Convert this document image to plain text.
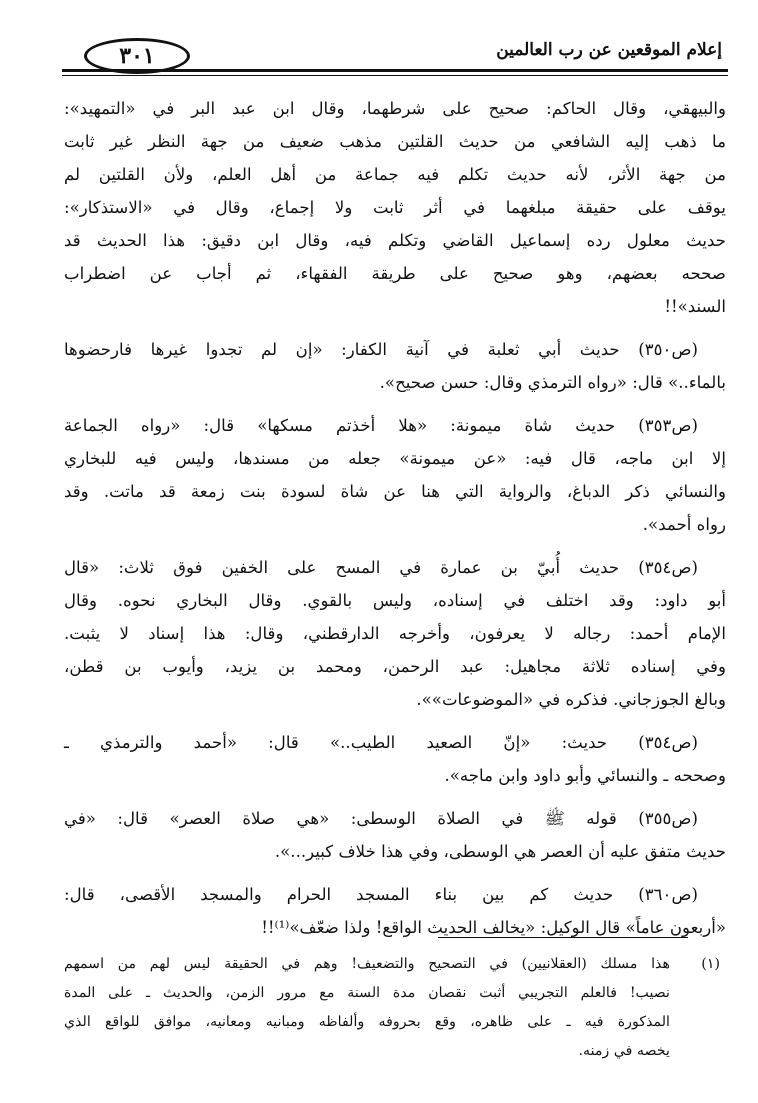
٣٠١	إعلام الموقعين عن رب العالمين

والبيهقي، وقال الحاكم: صحيح على شرطهما، وقال ابن عبد البر في «التمهيد»:
ما ذهب إليه الشافعي من حديث القلتين مذهب ضعيف من جهة النظر غير ثابت
من جهة الأثر، لأنه حديث تكلم فيه جماعة من أهل العلم، ولأن القلتين لم
يوقف على حقيقة مبلغهما في أثر ثابت ولا إجماع، وقال في «الاستذكار»:
حديث معلول رده إسماعيل القاضي وتكلم فيه، وقال ابن دقيق: هذا الحديث قد
صححه بعضهم، وهو صحيح على طريقة الفقهاء، ثم أجاب عن اضطراب
السند»!!

(ص٣٥٠) حديث أبي ثعلبة في آنية الكفار: «إن لم تجدوا غيرها فارحضوها
بالماء..» قال: «رواه الترمذي وقال: حسن صحيح».

(ص٣٥٣) حديث شاة ميمونة: «هلا أخذتم مسكها» قال: «رواه الجماعة
إلا ابن ماجه، قال فيه: «عن ميمونة» جعله من مسندها، وليس فيه للبخاري
والنسائي ذكر الدباغ، والرواية التي هنا عن شاة لسودة بنت زمعة قد ماتت. وقد
رواه أحمد».

(ص٣٥٤) حديث أُبيّ بن عمارة في المسح على الخفين فوق ثلاث: «قال
أبو داود: وقد اختلف في إسناده، وليس بالقوي. وقال البخاري نحوه. وقال
الإمام أحمد: رجاله لا يعرفون، وأخرجه الدارقطني، وقال: هذا إسناد لا يثبت.
وفي إسناده ثلاثة مجاهيل: عبد الرحمن، ومحمد بن يزيد، وأيوب بن قطن،
وبالغ الجوزجاني. فذكره في «الموضوعات»».

(ص٣٥٤) حديث: «إنّ الصعيد الطيب..» قال: «أحمد والترمذي ـ
وصححه ـ والنسائي وأبو داود وابن ماجه».

(ص٣٥٥) قوله ﷺ في الصلاة الوسطى: «هي صلاة العصر» قال: «في
حديث متفق عليه أن العصر هي الوسطى، وفي هذا خلاف كبير...».

(ص٣٦٠) حديث كم بين بناء المسجد الحرام والمسجد الأقصى، قال:
«أربعون عاماً» قال الوكيل: «يخالف الحديث الواقع! ولذا ضعّف»⁽¹⁾!!

(١)
هذا مسلك (العقلانيين) في التصحيح والتضعيف! وهم في الحقيقة ليس لهم من اسمهم
نصيب! فالعلم التجريبي أثبت نقصان مدة السنة مع مرور الزمن، والحديث ـ على المدة
المذكورة فيه ـ على ظاهره، وقع بحروفه وألفاظه ومبانيه ومعانيه، موافق للواقع الذي
يخصه في زمنه.
